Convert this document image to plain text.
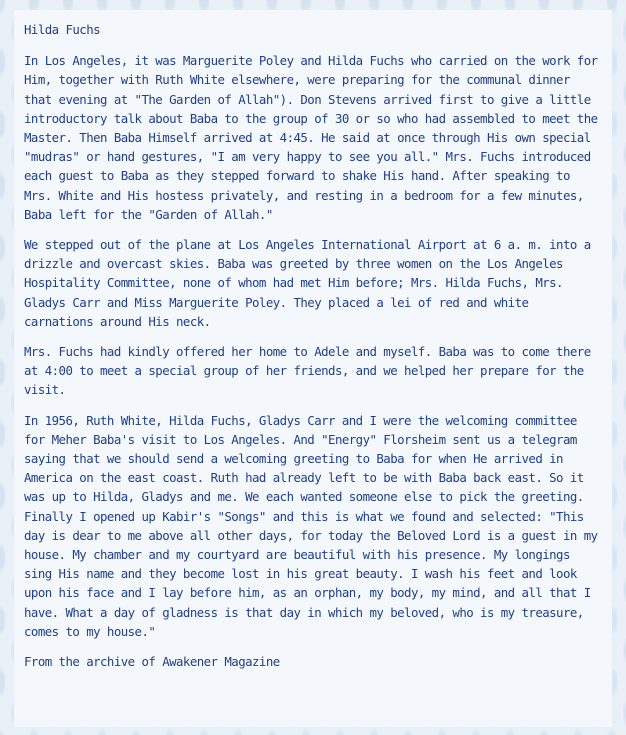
Hilda Fuchs

In Los Angeles, it was Marguerite Poley and Hilda Fuchs who carried on the work for Him, together with Ruth White elsewhere, were preparing for the communal dinner that evening at "The Garden of Allah"). Don Stevens arrived first to give a little introductory talk about Baba to the group of 30 or so who had assembled to meet the Master. Then Baba Himself arrived at 4:45. He said at once through His own special "mudras" or hand gestures, "I am very happy to see you all." Mrs. Fuchs introduced each guest to Baba as they stepped forward to shake His hand. After speaking to Mrs. White and His hostess privately, and resting in a bedroom for a few minutes, Baba left for the "Garden of Allah."

We stepped out of the plane at Los Angeles International Airport at 6 a. m. into a drizzle and overcast skies. Baba was greeted by three women on the Los Angeles Hospitality Committee, none of whom had met Him before; Mrs. Hilda Fuchs, Mrs. Gladys Carr and Miss Marguerite Poley. They placed a lei of red and white carnations around His neck.

Mrs. Fuchs had kindly offered her home to Adele and myself. Baba was to come there at 4:00 to meet a special group of her friends, and we helped her prepare for the visit.

In 1956, Ruth White, Hilda Fuchs, Gladys Carr and I were the welcoming committee for Meher Baba's visit to Los Angeles. And "Energy" Florsheim sent us a telegram saying that we should send a welcoming greeting to Baba for when He arrived in America on the east coast. Ruth had already left to be with Baba back east. So it was up to Hilda, Gladys and me. We each wanted someone else to pick the greeting. Finally I opened up Kabir's "Songs" and this is what we found and selected: "This day is dear to me above all other days, for today the Beloved Lord is a guest in my house. My chamber and my courtyard are beautiful with his presence. My longings sing His name and they become lost in his great beauty. I wash his feet and look upon his face and I lay before him, as an orphan, my body, my mind, and all that I have. What a day of gladness is that day in which my beloved, who is my treasure, comes to my house."

From the archive of Awakener Magazine
